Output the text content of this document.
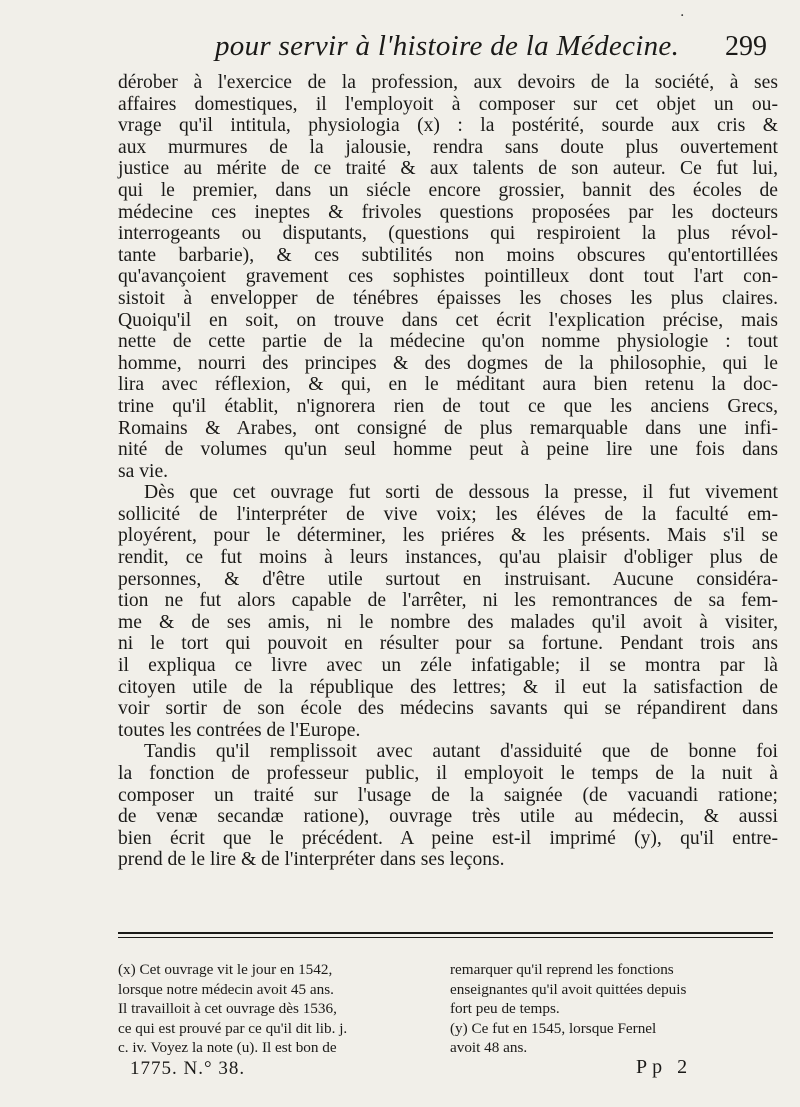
·
pour servir à l'histoire de la Médecine. 299
dérober à l'exercice de la profession, aux devoirs de la société, à ses
affaires domestiques, il l'employoit à composer sur cet objet un ou-
vrage qu'il intitula, physiologia (x) : la postérité, sourde aux cris &
aux murmures de la jalousie, rendra sans doute plus ouvertement
justice au mérite de ce traité & aux talents de son auteur. Ce fut lui,
qui le premier, dans un siécle encore grossier, bannit des écoles de
médecine ces ineptes & frivoles questions proposées par les docteurs
interrogeants ou disputants, (questions qui respiroient la plus révol-
tante barbarie), & ces subtilités non moins obscures qu'entortillées
qu'avançoient gravement ces sophistes pointilleux dont tout l'art con-
sistoit à envelopper de ténébres épaisses les choses les plus claires.
Quoiqu'il en soit, on trouve dans cet écrit l'explication précise, mais
nette de cette partie de la médecine qu'on nomme physiologie : tout
homme, nourri des principes & des dogmes de la philosophie, qui le
lira avec réflexion, & qui, en le méditant aura bien retenu la doc-
trine qu'il établit, n'ignorera rien de tout ce que les anciens Grecs,
Romains & Arabes, ont consigné de plus remarquable dans une infi-
nité de volumes qu'un seul homme peut à peine lire une fois dans
sa vie.
Dès que cet ouvrage fut sorti de dessous la presse, il fut vivement
sollicité de l'interpréter de vive voix; les éléves de la faculté em-
ployérent, pour le déterminer, les priéres & les présents. Mais s'il se
rendit, ce fut moins à leurs instances, qu'au plaisir d'obliger plus de
personnes, & d'être utile surtout en instruisant. Aucune considéra-
tion ne fut alors capable de l'arrêter, ni les remontrances de sa fem-
me & de ses amis, ni le nombre des malades qu'il avoit à visiter,
ni le tort qui pouvoit en résulter pour sa fortune. Pendant trois ans
il expliqua ce livre avec un zéle infatigable; il se montra par là
citoyen utile de la république des lettres; & il eut la satisfaction de
voir sortir de son école des médecins savants qui se répandirent dans
toutes les contrées de l'Europe.
Tandis qu'il remplissoit avec autant d'assiduité que de bonne foi
la fonction de professeur public, il employoit le temps de la nuit à
composer un traité sur l'usage de la saignée (de vacuandi ratione;
de venæ secandæ ratione), ouvrage très utile au médecin, & aussi
bien écrit que le précédent. A peine est-il imprimé (y), qu'il entre-
prend de le lire & de l'interpréter dans ses leçons.
(x) Cet ouvrage vit le jour en 1542,
lorsque notre médecin avoit 45 ans.
Il travailloit à cet ouvrage dès 1536,
ce qui est prouvé par ce qu'il dit lib. j.
c. iv. Voyez la note (u). Il est bon de
remarquer qu'il reprend les fonctions
enseignantes qu'il avoit quittées depuis
fort peu de temps.
(y) Ce fut en 1545, lorsque Fernel
avoit 48 ans.
1775. N.° 38.	Pp 2
